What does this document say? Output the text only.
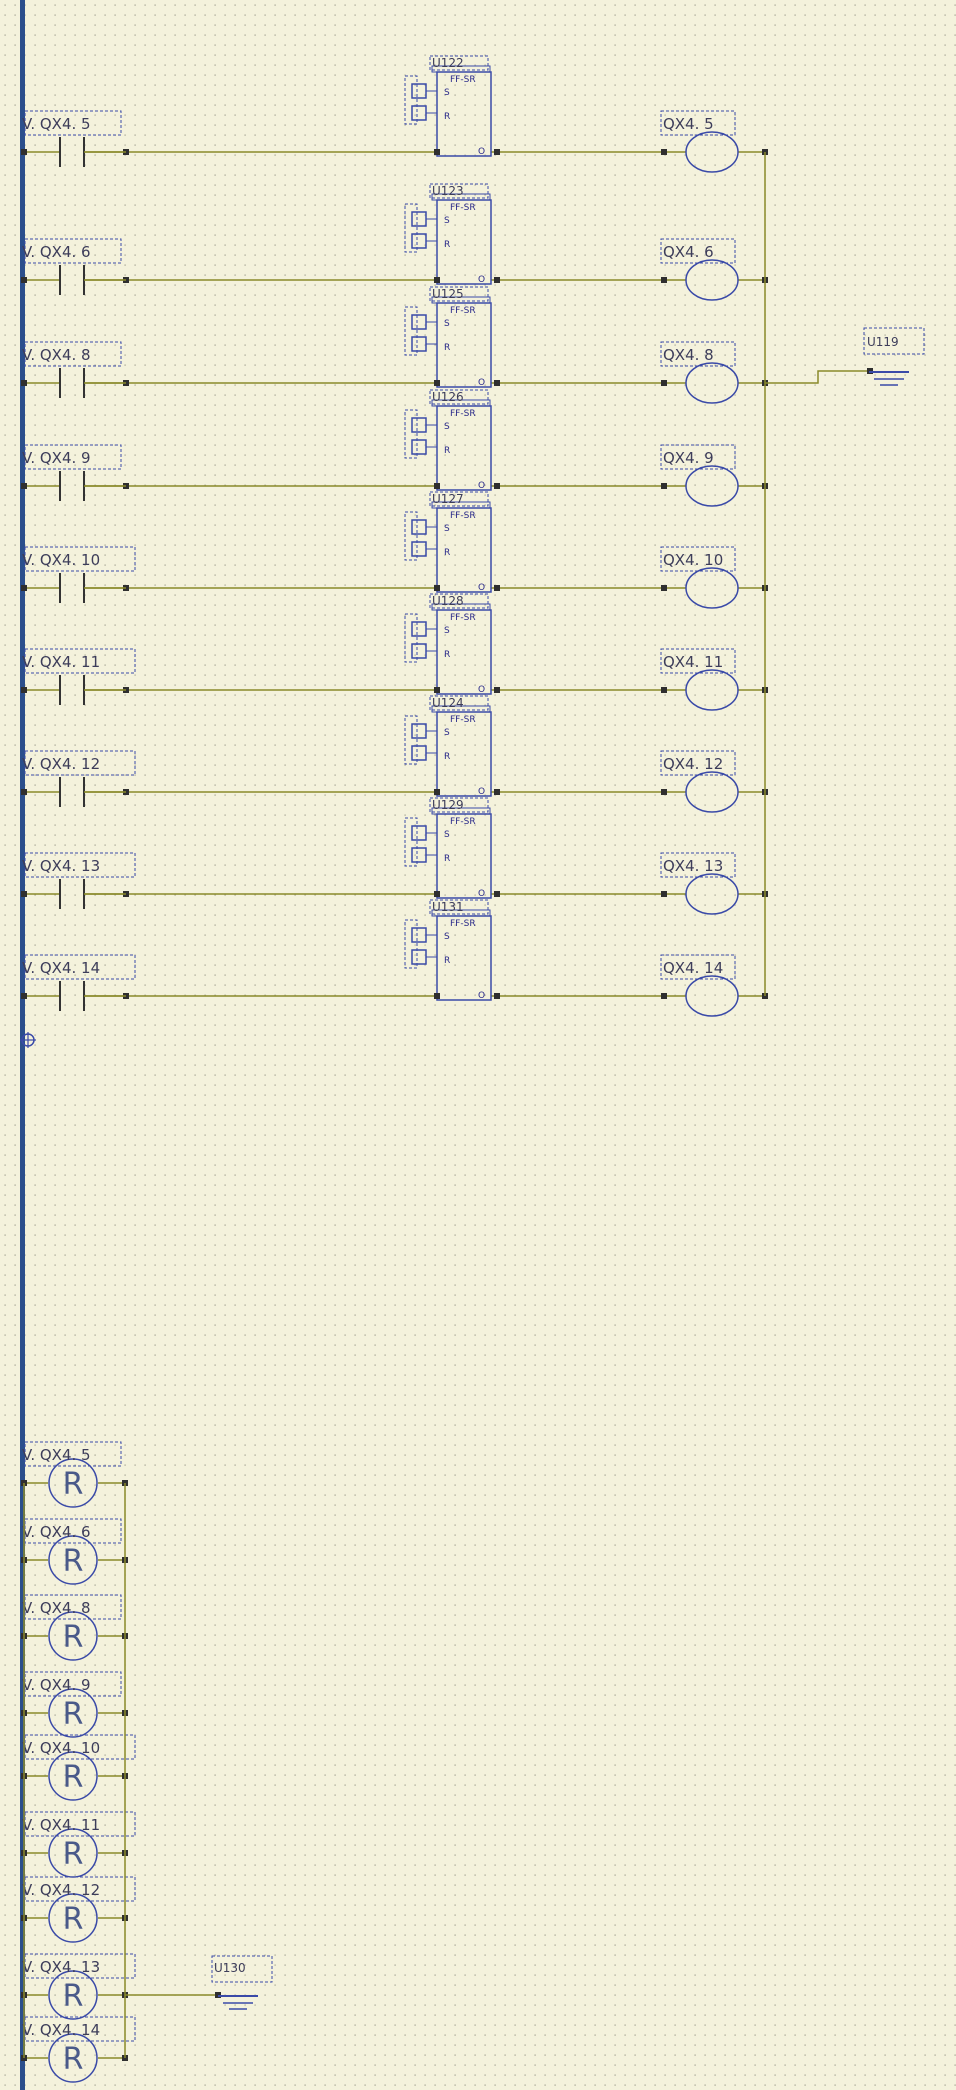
V. QX4. 5
U122
FF-SR
S
R
O
QX4. 5
V. QX4. 6
U123
FF-SR
S
R
O
QX4. 6
V. QX4. 8
U125
FF-SR
S
R
O
QX4. 8
V. QX4. 9
U126
FF-SR
S
R
O
QX4. 9
V. QX4. 10
U127
FF-SR
S
R
O
QX4. 10
V. QX4. 11
U128
FF-SR
S
R
O
QX4. 11
V. QX4. 12
U124
FF-SR
S
R
O
QX4. 12
V. QX4. 13
U129
FF-SR
S
R
O
QX4. 13
V. QX4. 14
U131
FF-SR
S
R
O
QX4. 14
U119
R
V. QX4. 5
R
V. QX4. 6
R
V. QX4. 8
R
V. QX4. 9
R
V. QX4. 10
R
V. QX4. 11
R
V. QX4. 12
R
V. QX4. 13
R
V. QX4. 14
U130
